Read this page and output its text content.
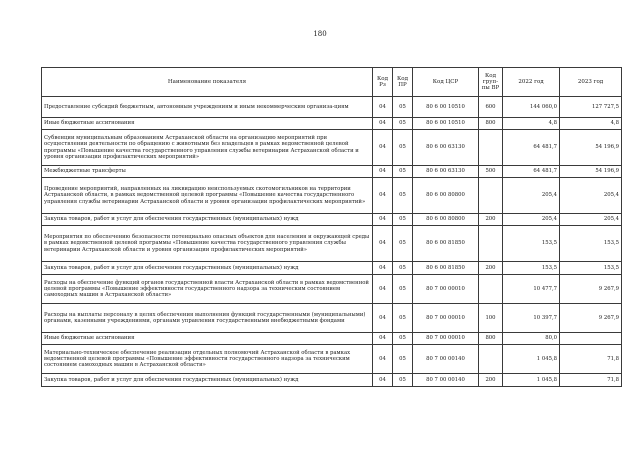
180
Наименование показателя	Код Рз	Код ПР	Код ЦСР	Код груп-пы ВР	2022 год	2023 год
Предоставление субсидий бюджетным, автономным учреждениям и иным некоммерческим организа-циям	04	05	80 6 00 10510	600	144 060,0	127 727,5
Иные бюджетные ассигнования	04	05	80 6 00 10510	800	4,8	4,8
Субвенции муниципальным образованиям Астраханской области на организацию мероприятий при осуществлении деятельности по обращению с животными без владельцев в рамках ведомственной целевой программы «Повышение качества государственного управления службы ветеринарии Астраханской области и уровня организации профилактических мероприятий»	04	05	80 6 00 63130		64 481,7	54 196,9
Межбюджетные трансферты	04	05	80 6 00 63130	500	64 481,7	54 196,9
Проведение мероприятий, направленных на ликвидацию неиспользуемых скотомогильников на территории Астраханской области, в рамках ведомственной целевой программы «Повышение качества государственного управления службы ветеринарии Астраханской области и уровня организации профилактических мероприятий»	04	05	80 6 00 80800		205,4	205,4
Закупка товаров, работ и услуг для обеспечения государственных (муниципальных) нужд	04	05	80 6 00 80800	200	205,4	205,4
Мероприятия по обеспечению безопасности потенциально опасных объектов для населения и окружающей среды в рамках ведомственной целевой программы «Повышение качества государственного управления службы ветеринарии Астраханской области и уровня организации профилактических мероприятий»	04	05	80 6 00 81850		153,5	153,5
Закупка товаров, работ и услуг для обеспечения государственных (муниципальных) нужд	04	05	80 6 00 81850	200	153,5	153,5
Расходы на обеспечение функций органов государственной власти Астраханской области в рамках ведомственной целевой программы «Повышение эффективности государственного надзора за техническим состоянием самоходных машин в Астраханской области»	04	05	80 7 00 00010		10 477,7	9 267,9
Расходы на выплаты персоналу в целях обеспечения выполнения функций государственными (муниципальными) органами, казенными учреждениями, органами управления государственными внебюджетными фондами	04	05	80 7 00 00010	100	10 397,7	9 267,9
Иные бюджетные ассигнования	04	05	80 7 00 00010	800	80,0	
Материально-техническое обеспечение реализации отдельных полномочий Астраханской области в рамках ведомственной целевой программы «Повышение эффективности государственного надзора за техническим состоянием самоходных машин в Астраханской области»	04	05	80 7 00 00140		1 045,8	71,8
Закупка товаров, работ и услуг для обеспечения государственных (муниципальных) нужд	04	05	80 7 00 00140	200	1 045,8	71,8
